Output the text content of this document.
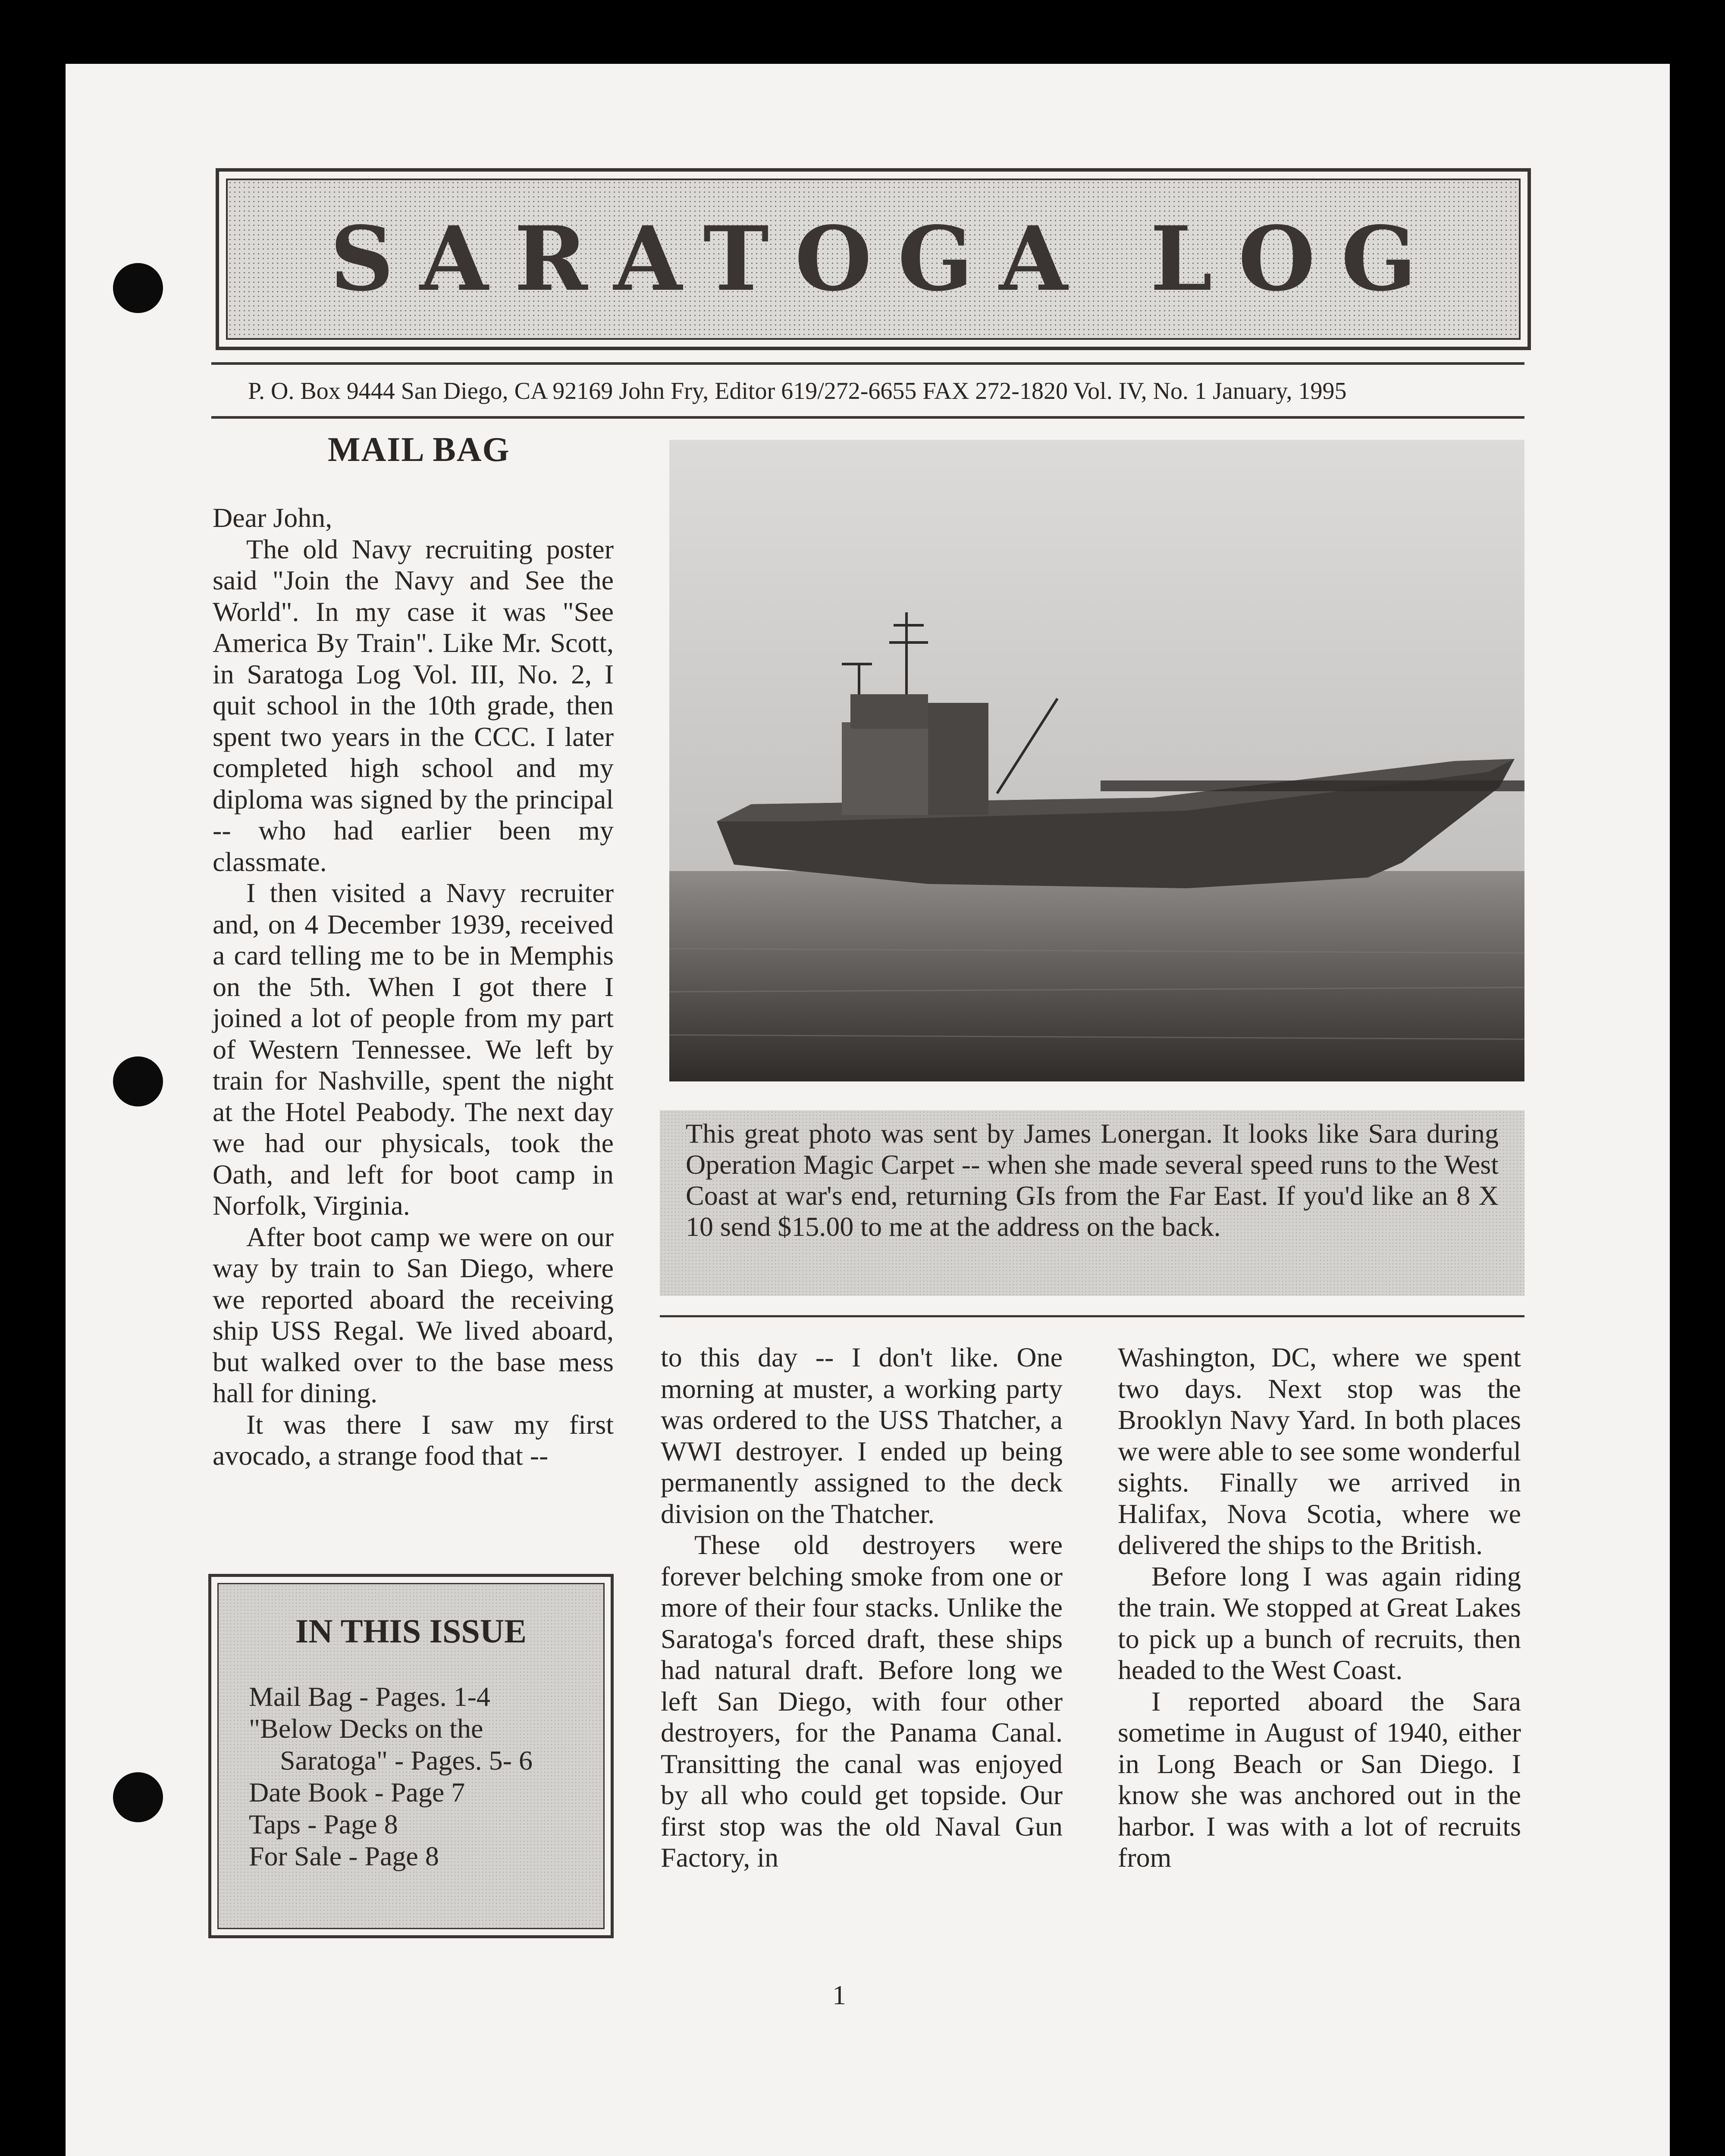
SARATOGA LOG
P. O. Box 9444 San Diego, CA 92169 John Fry, Editor 619/272-6655 FAX 272-1820 Vol. IV, No. 1 January, 1995
MAIL BAG

Dear John,

The old Navy recruiting poster said "Join the Navy and See the World". In my case it was "See America By Train". Like Mr. Scott, in Saratoga Log Vol. III, No. 2, I quit school in the 10th grade, then spent two years in the CCC. I later completed high school and my diploma was signed by the principal -- who had earlier been my classmate.

I then visited a Navy recruiter and, on 4 December 1939, received a card telling me to be in Memphis on the 5th. When I got there I joined a lot of people from my part of Western Tennessee. We left by train for Nashville, spent the night at the Hotel Peabody. The next day we had our physicals, took the Oath, and left for boot camp in Norfolk, Virginia.

After boot camp we were on our way by train to San Diego, where we reported aboard the receiving ship USS Regal. We lived aboard, but walked over to the base mess hall for dining.

It was there I saw my first avocado, a strange food that --

This great photo was sent by James Lonergan. It looks like Sara during Operation Magic Carpet -- when she made several speed runs to the West Coast at war's end, returning GIs from the Far East. If you'd like an 8 X 10 send $15.00 to me at the address on the back.

to this day -- I don't like. One morning at muster, a working party was ordered to the USS Thatcher, a WWI destroyer. I ended up being permanently assigned to the deck division on the Thatcher.

These old destroyers were forever belching smoke from one or more of their four stacks. Unlike the Saratoga's forced draft, these ships had natural draft. Before long we left San Diego, with four other destroyers, for the Panama Canal. Transitting the canal was enjoyed by all who could get topside. Our first stop was the old Naval Gun Factory, in

Washington, DC, where we spent two days. Next stop was the Brooklyn Navy Yard. In both places we were able to see some wonderful sights. Finally we arrived in Halifax, Nova Scotia, where we delivered the ships to the British.

Before long I was again riding the train. We stopped at Great Lakes to pick up a bunch of recruits, then headed to the West Coast.

I reported aboard the Sara sometime in August of 1940, either in Long Beach or San Diego. I know she was anchored out in the harbor. I was with a lot of recruits from

IN THIS ISSUE
Mail Bag - Pages. 1-4
"Below Decks on the
Saratoga" - Pages. 5- 6
Date Book - Page 7
Taps - Page 8
For Sale - Page 8
1
